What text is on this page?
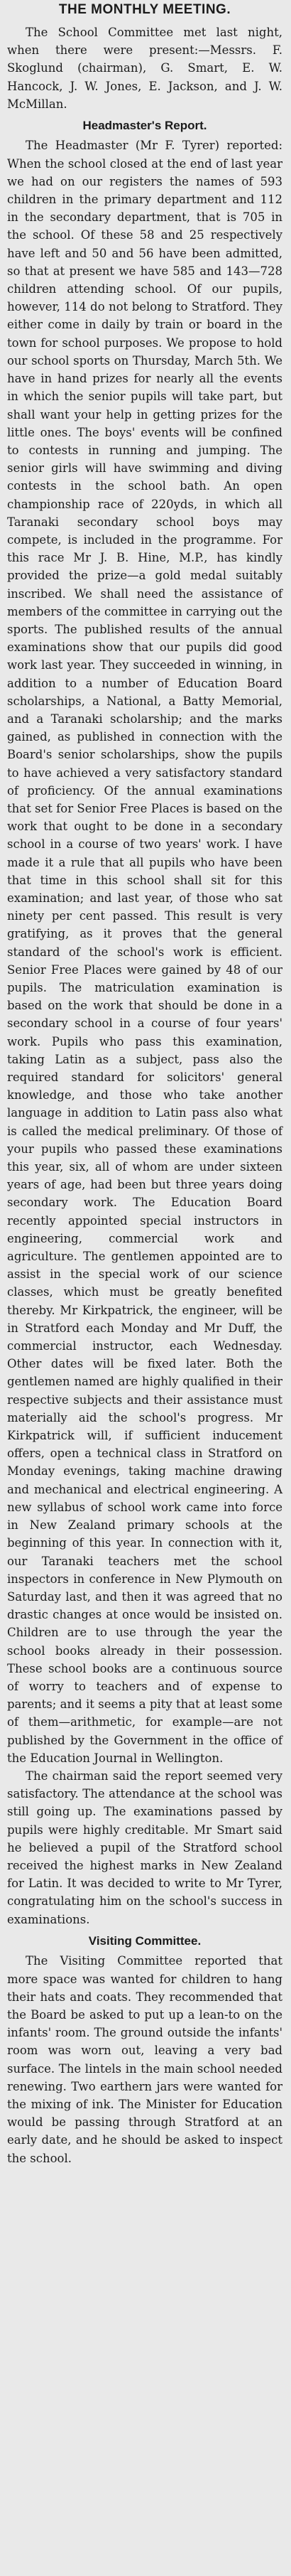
THE MONTHLY MEETING.

The School Committee met last night, when there were present:—Messrs. F. Skoglund (chairman), G. Smart, E. W. Hancock, J. W. Jones, E. Jackson, and J. W. McMillan.

Headmaster's Report.

The Headmaster (Mr F. Tyrer) reported: When the school closed at the end of last year we had on our registers the names of 593 children in the primary department and 112 in the secondary department, that is 705 in the school. Of these 58 and 25 respectively have left and 50 and 56 have been admitted, so that at present we have 585 and 143—728 children attending school. Of our pupils, however, 114 do not belong to Stratford. They either come in daily by train or board in the town for school purposes. We propose to hold our school sports on Thursday, March 5th. We have in hand prizes for nearly all the events in which the senior pupils will take part, but shall want your help in getting prizes for the little ones. The boys' events will be confined to contests in running and jumping. The senior girls will have swimming and diving contests in the school bath. An open championship race of 220yds, in which all Taranaki secondary school boys may compete, is included in the programme. For this race Mr J. B. Hine, M.P., has kindly provided the prize—a gold medal suitably inscribed. We shall need the assistance of members of the committee in carrying out the sports. The published results of the annual examinations show that our pupils did good work last year. They succeeded in winning, in addition to a number of Education Board scholarships, a National, a Batty Memorial, and a Taranaki scholarship; and the marks gained, as published in connection with the Board's senior scholarships, show the pupils to have achieved a very satisfactory standard of proficiency. Of the annual examinations that set for Senior Free Places is based on the work that ought to be done in a secondary school in a course of two years' work. I have made it a rule that all pupils who have been that time in this school shall sit for this examination; and last year, of those who sat ninety per cent passed. This result is very gratifying, as it proves that the general standard of the school's work is efficient. Senior Free Places were gained by 48 of our pupils. The matriculation examination is based on the work that should be done in a secondary school in a course of four years' work. Pupils who pass this examination, taking Latin as a subject, pass also the required standard for solicitors' general knowledge, and those who take another language in addition to Latin pass also what is called the medical preliminary. Of those of your pupils who passed these examinations this year, six, all of whom are under sixteen years of age, had been but three years doing secondary work. The Education Board recently appointed special instructors in engineering, commercial work and agriculture. The gentlemen appointed are to assist in the special work of our science classes, which must be greatly benefited thereby. Mr Kirkpatrick, the engineer, will be in Stratford each Monday and Mr Duff, the commercial instructor, each Wednesday. Other dates will be fixed later. Both the gentlemen named are highly qualified in their respective subjects and their assistance must materially aid the school's progress. Mr Kirkpatrick will, if sufficient inducement offers, open a technical class in Stratford on Monday evenings, taking machine drawing and mechanical and electrical engineering. A new syllabus of school work came into force in New Zealand primary schools at the beginning of this year. In connection with it, our Taranaki teachers met the school inspectors in conference in New Plymouth on Saturday last, and then it was agreed that no drastic changes at once would be insisted on. Children are to use through the year the school books already in their possession. These school books are a continuous source of worry to teachers and of expense to parents; and it seems a pity that at least some of them—arithmetic, for example—are not published by the Government in the office of the Education Journal in Wellington.

The chairman said the report seemed very satisfactory. The attendance at the school was still going up. The examinations passed by pupils were highly creditable. Mr Smart said he believed a pupil of the Stratford school received the highest marks in New Zealand for Latin. It was decided to write to Mr Tyrer, congratulating him on the school's success in examinations.

Visiting Committee.

The Visiting Committee reported that more space was wanted for children to hang their hats and coats. They recommended that the Board be asked to put up a lean-to on the infants' room. The ground outside the infants' room was worn out, leaving a very bad surface. The lintels in the main school needed renewing. Two earthern jars were wanted for the mixing of ink. The Minister for Education would be passing through Stratford at an early date, and he should be asked to inspect the school.
